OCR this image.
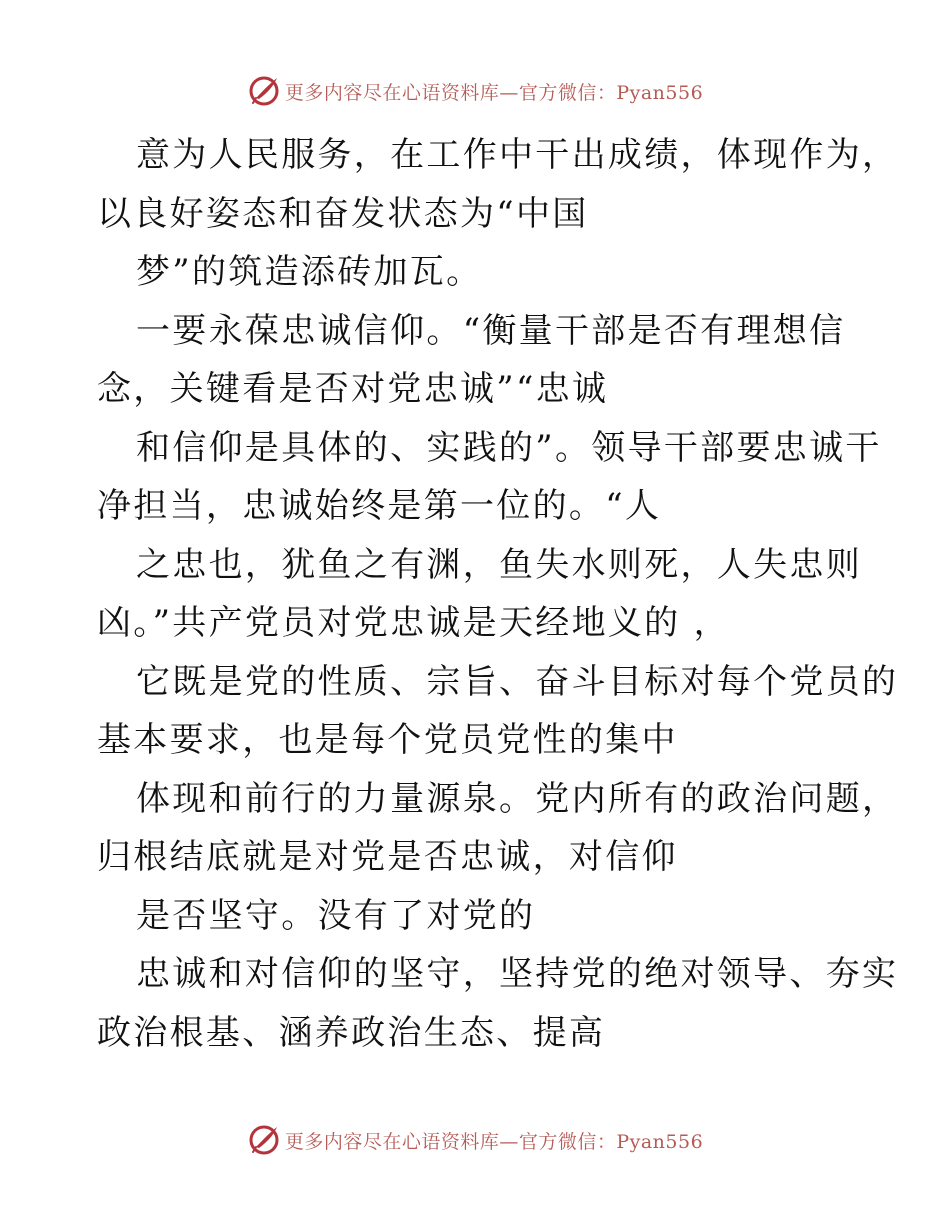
更多内容尽在心语资料库—官方微信：Pyan556
意为人民服务，在工作中干出成绩，体现作为，
以良好姿态和奋发状态为“中国
梦”的筑造添砖加瓦。
一要永葆忠诚信仰。“衡量干部是否有理想信
念，关键看是否对党忠诚”“忠诚
和信仰是具体的、实践的”。领导干部要忠诚干
净担当，忠诚始终是第一位的。“人
之忠也，犹鱼之有渊，鱼失水则死，人失忠则
凶。”共产党员对党忠诚是天经地义的 ，
它既是党的性质、宗旨、奋斗目标对每个党员的
基本要求，也是每个党员党性的集中
体现和前行的力量源泉。党内所有的政治问题，
归根结底就是对党是否忠诚，对信仰
是否坚守。没有了对党的
忠诚和对信仰的坚守，坚持党的绝对领导、夯实
政治根基、涵养政治生态、提高
更多内容尽在心语资料库—官方微信：Pyan556
